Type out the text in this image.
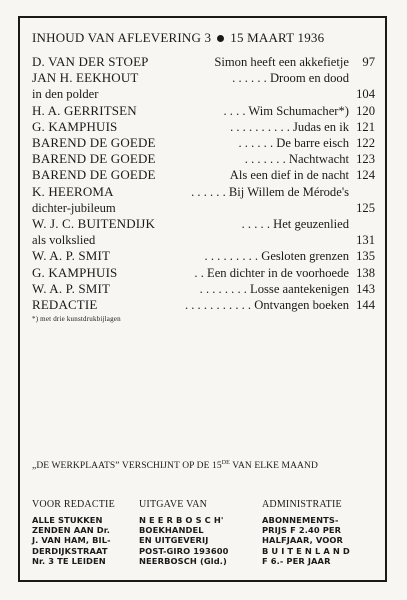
INHOUD VAN AFLEVERING 3 15 MAART 1936
D. VAN DER STOEP	Simon heeft een akkefietje	97
JAN H. EEKHOUT	. . . . . . Droom en dood
in den polder	104
H. A. GERRITSEN	. . . . Wim Schumacher*) 120
G. KAMPHUIS	. . . . . . . . . . Judas en ik 121
BAREND DE GOEDE	. . . . . . De barre eisch 122
BAREND DE GOEDE	. . . . . . . Nachtwacht 123
BAREND DE GOEDE	Als een dief in de nacht 124
K. HEEROMA	. . . . . . Bij Willem de Mérode's
dichter-jubileum	125
W. J. C. BUITENDIJK	. . . . . Het geuzenlied
als volkslied	131
W. A. P. SMIT	. . . . . . . . . Gesloten grenzen 135
G. KAMPHUIS	. . Een dichter in de voorhoede 138
W. A. P. SMIT	. . . . . . . . Losse aantekenigen 143
REDACTIE	. . . . . . . . . . . Ontvangen boeken 144
*) met drie kunstdrukbijlagen
„DE WERKPLAATS” VERSCHIJNT OP DE 15DE VAN ELKE MAAND
VOOR REDACTIE
ALLE STUKKEN
ZENDEN AAN Dr.
J. VAN HAM, BIL-
DERDIJKSTRAAT
Nr. 3 TE LEIDEN
UITGAVE VAN
N E E R B O S C H'
BOEKHANDEL
EN UITGEVERIJ
POST-GIRO 193600
NEERBOSCH (Gld.)
ADMINISTRATIE
ABONNEMENTS-
PRIJS F 2.40 PER
HALFJAAR, VOOR
B U I T E N L A N D
F 6.- PER JAAR
